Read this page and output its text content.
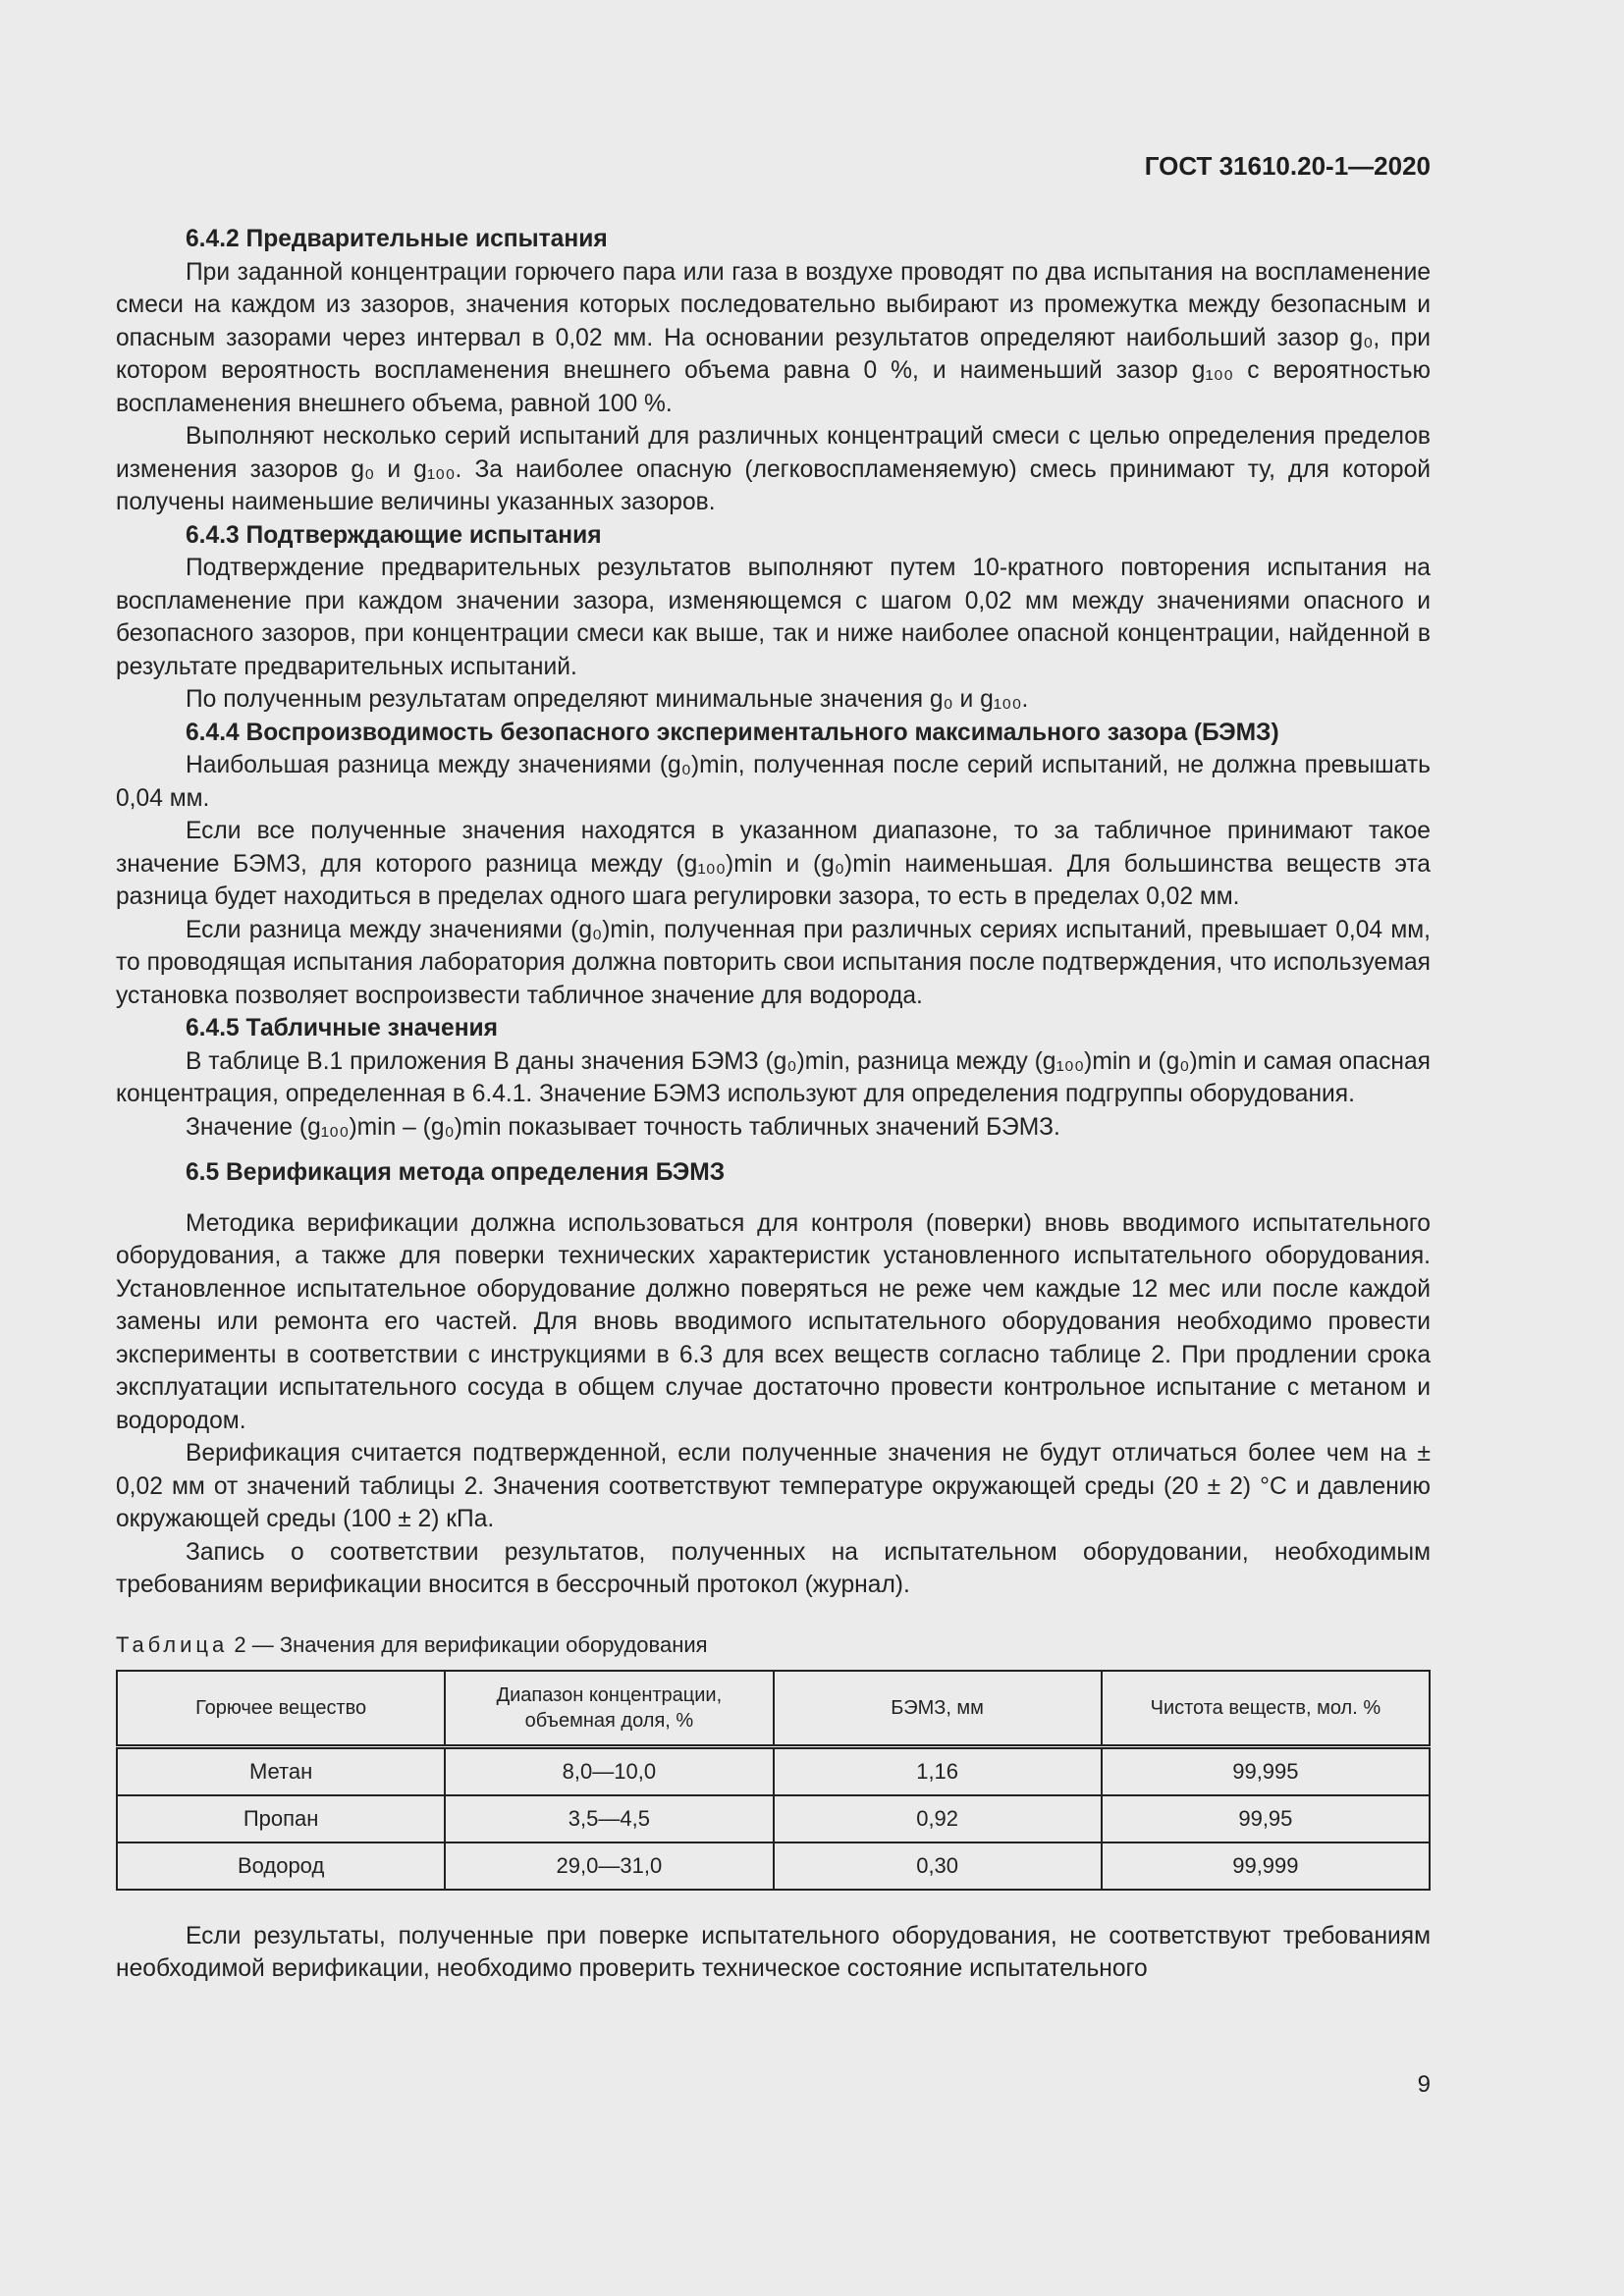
ГОСТ 31610.20-1—2020
6.4.2 Предварительные испытания

При заданной концентрации горючего пара или газа в воздухе проводят по два испытания на воспламенение смеси на каждом из зазоров, значения которых последовательно выбирают из промежутка между безопасным и опасным зазорами через интервал в 0,02 мм. На основании результатов определяют наибольший зазор g₀, при котором вероятность воспламенения внешнего объема равна 0 %, и наименьший зазор g₁₀₀ с вероятностью воспламенения внешнего объема, равной 100 %.

Выполняют несколько серий испытаний для различных концентраций смеси с целью определения пределов изменения зазоров g₀ и g₁₀₀. За наиболее опасную (легковоспламеняемую) смесь принимают ту, для которой получены наименьшие величины указанных зазоров.

6.4.3 Подтверждающие испытания

Подтверждение предварительных результатов выполняют путем 10-кратного повторения испытания на воспламенение при каждом значении зазора, изменяющемся с шагом 0,02 мм между значениями опасного и безопасного зазоров, при концентрации смеси как выше, так и ниже наиболее опасной концентрации, найденной в результате предварительных испытаний.

По полученным результатам определяют минимальные значения g₀ и g₁₀₀.

6.4.4 Воспроизводимость безопасного экспериментального максимального зазора (БЭМЗ)

Наибольшая разница между значениями (g₀)min, полученная после серий испытаний, не должна превышать 0,04 мм.

Если все полученные значения находятся в указанном диапазоне, то за табличное принимают такое значение БЭМЗ, для которого разница между (g₁₀₀)min и (g₀)min наименьшая. Для большинства веществ эта разница будет находиться в пределах одного шага регулировки зазора, то есть в пределах 0,02 мм.

Если разница между значениями (g₀)min, полученная при различных сериях испытаний, превышает 0,04 мм, то проводящая испытания лаборатория должна повторить свои испытания после подтверждения, что используемая установка позволяет воспроизвести табличное значение для водорода.

6.4.5 Табличные значения

В таблице В.1 приложения В даны значения БЭМЗ (g₀)min, разница между (g₁₀₀)min и (g₀)min и самая опасная концентрация, определенная в 6.4.1. Значение БЭМЗ используют для определения подгруппы оборудования.

Значение (g₁₀₀)min – (g₀)min показывает точность табличных значений БЭМЗ.

6.5 Верификация метода определения БЭМЗ

Методика верификации должна использоваться для контроля (поверки) вновь вводимого испытательного оборудования, а также для поверки технических характеристик установленного испытательного оборудования. Установленное испытательное оборудование должно поверяться не реже чем каждые 12 мес или после каждой замены или ремонта его частей. Для вновь вводимого испытательного оборудования необходимо провести эксперименты в соответствии с инструкциями в 6.3 для всех веществ согласно таблице 2. При продлении срока эксплуатации испытательного сосуда в общем случае достаточно провести контрольное испытание с метаном и водородом.

Верификация считается подтвержденной, если полученные значения не будут отличаться более чем на ± 0,02 мм от значений таблицы 2. Значения соответствуют температуре окружающей среды (20 ± 2) °С и давлению окружающей среды (100 ± 2) кПа.

Запись о соответствии результатов, полученных на испытательном оборудовании, необходимым требованиям верификации вносится в бессрочный протокол (журнал).

Таблица 2 — Значения для верификации оборудования
Горючее вещество	Диапазон концентрации, объемная доля, %	БЭМЗ, мм	Чистота веществ, мол. %
Метан	8,0—10,0	1,16	99,995
Пропан	3,5—4,5	0,92	99,95
Водород	29,0—31,0	0,30	99,999

Если результаты, полученные при поверке испытательного оборудования, не соответствуют требованиям необходимой верификации, необходимо проверить техническое состояние испытательного

9
